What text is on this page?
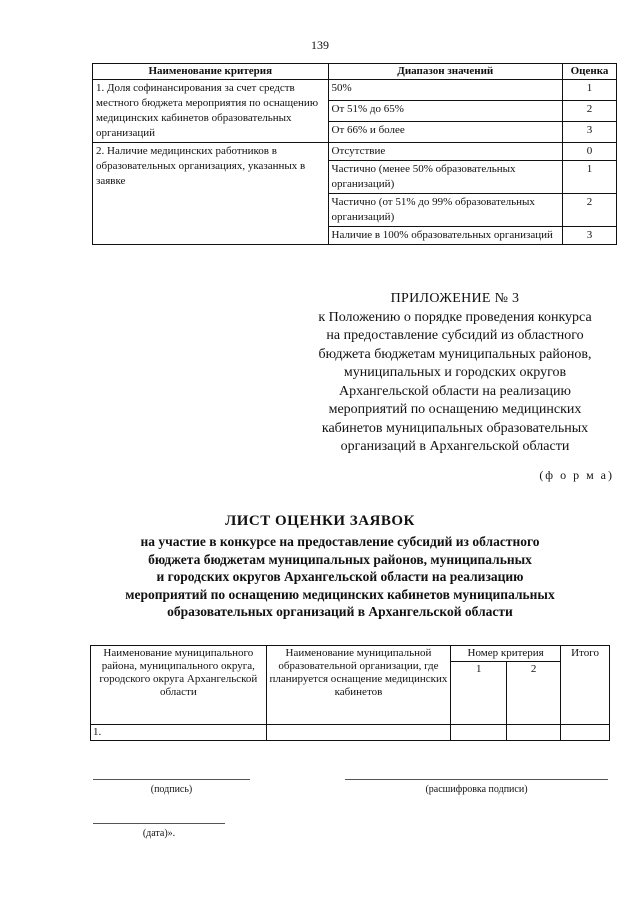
139
Наименование критерия	Диапазон значений	Оценка
1. Доля софинансирования за счет средств местного бюджета мероприятия по оснащению медицинских кабинетов образовательных организаций	50%	1
	От 51% до 65%	2
	От 66% и более	3
2. Наличие медицинских работников в образовательных организациях, указанных в заявке	Отсутствие	0
	Частично (менее 50% образовательных организаций)	1
	Частично (от 51% до 99% образовательных организаций)	2
	Наличие в 100% образовательных организаций	3
ПРИЛОЖЕНИЕ № 3
к Положению о порядке проведения конкурса
на предоставление субсидий из областного
бюджета бюджетам муниципальных районов,
муниципальных и городских округов
Архангельской области на реализацию
мероприятий по оснащению медицинских
кабинетов муниципальных образовательных
организаций в Архангельской области
(ф о р м а)
ЛИСТ ОЦЕНКИ ЗАЯВОК
на участие в конкурсе на предоставление субсидий из областного
бюджета бюджетам муниципальных районов, муниципальных
и городских округов Архангельской области на реализацию
мероприятий по оснащению медицинских кабинетов муниципальных
образовательных организаций в Архангельской области
Наименование муниципального района, муниципального округа, городского округа Архангельской области	Наименование муниципальной образовательной организации, где планируется оснащение медицинских кабинетов	Номер критерия		Итого
		1	2	
1.				
(подпись)	(расшифровка подписи)
(дата)».
